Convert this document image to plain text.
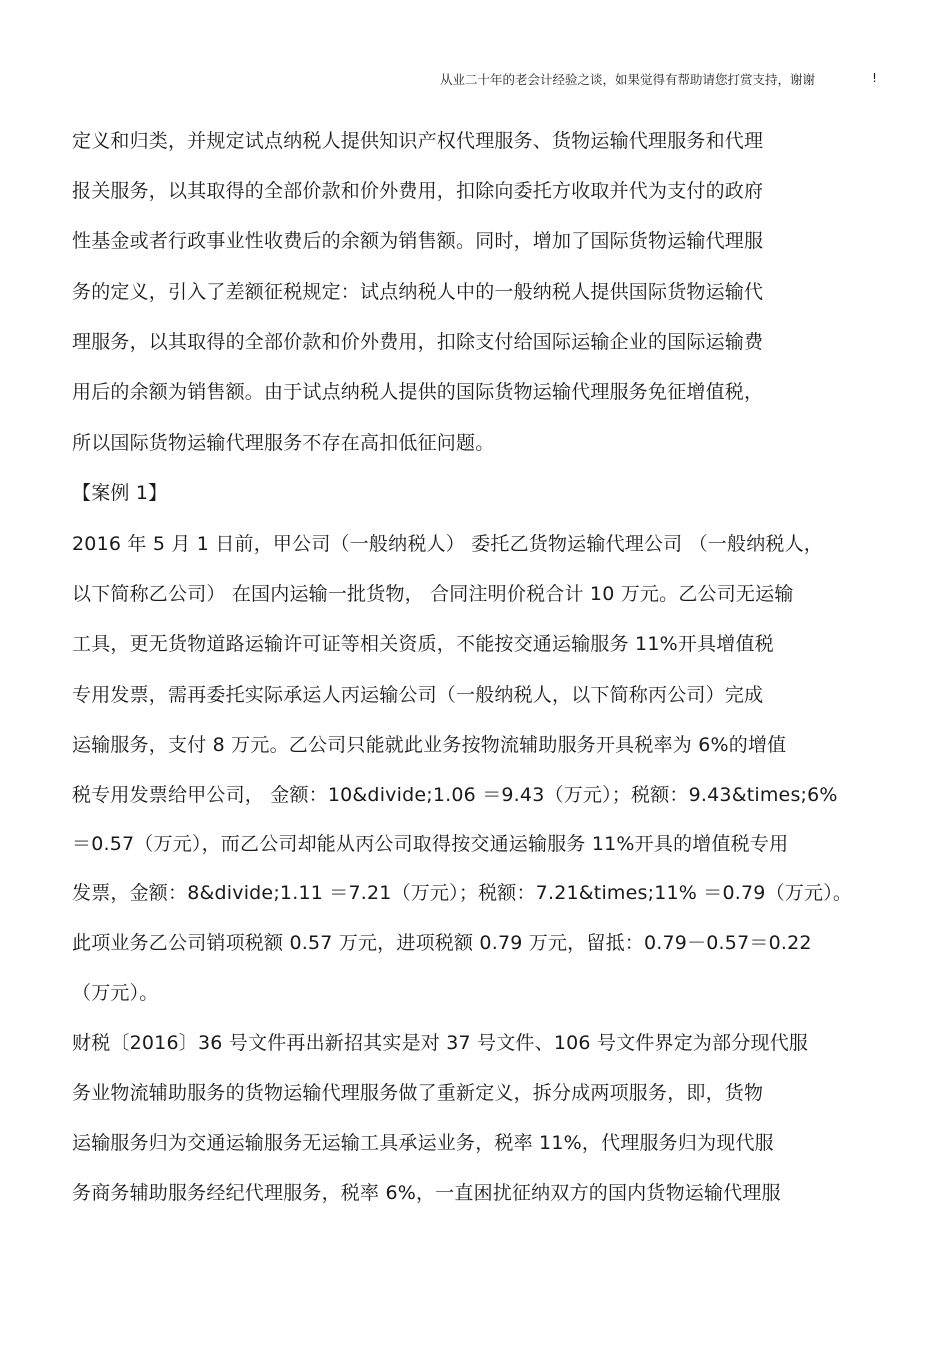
从业二十年的老会计经验之谈，如果觉得有帮助请您打赏支持，谢谢	!
定义和归类，并规定试点纳税人提供知识产权代理服务、货物运输代理服务和代理
报关服务，以其取得的全部价款和价外费用，扣除向委托方收取并代为支付的政府
性基金或者行政事业性收费后的余额为销售额。同时，增加了国际货物运输代理服
务的定义，引入了差额征税规定：试点纳税人中的一般纳税人提供国际货物运输代
理服务，以其取得的全部价款和价外费用，扣除支付给国际运输企业的国际运输费
用后的余额为销售额。由于试点纳税人提供的国际货物运输代理服务免征增值税，
所以国际货物运输代理服务不存在高扣低征问题。
【案例 1】
2016 年 5 月 1 日前，甲公司（一般纳税人） 委托乙货物运输代理公司 （一般纳税人，
以下简称乙公司） 在国内运输一批货物， 合同注明价税合计 10 万元。乙公司无运输
工具，更无货物道路运输许可证等相关资质，不能按交通运输服务 11%开具增值税
专用发票，需再委托实际承运人丙运输公司（一般纳税人，以下简称丙公司）完成
运输服务，支付 8 万元。乙公司只能就此业务按物流辅助服务开具税率为 6%的增值
税专用发票给甲公司， 金额：10&divide;1.06 ＝9.43（万元）；税额：9.43&times;6%
＝0.57（万元），而乙公司却能从丙公司取得按交通运输服务 11%开具的增值税专用
发票，金额：8&divide;1.11 ＝7.21（万元）；税额：7.21&times;11% ＝0.79（万元）。
此项业务乙公司销项税额 0.57 万元，进项税额 0.79 万元，留抵：0.79－0.57＝0.22
（万元）。
财税〔2016〕36 号文件再出新招其实是对 37 号文件、106 号文件界定为部分现代服
务业物流辅助服务的货物运输代理服务做了重新定义，拆分成两项服务，即，货物
运输服务归为交通运输服务无运输工具承运业务，税率 11%，代理服务归为现代服
务商务辅助服务经纪代理服务，税率 6%，一直困扰征纳双方的国内货物运输代理服
